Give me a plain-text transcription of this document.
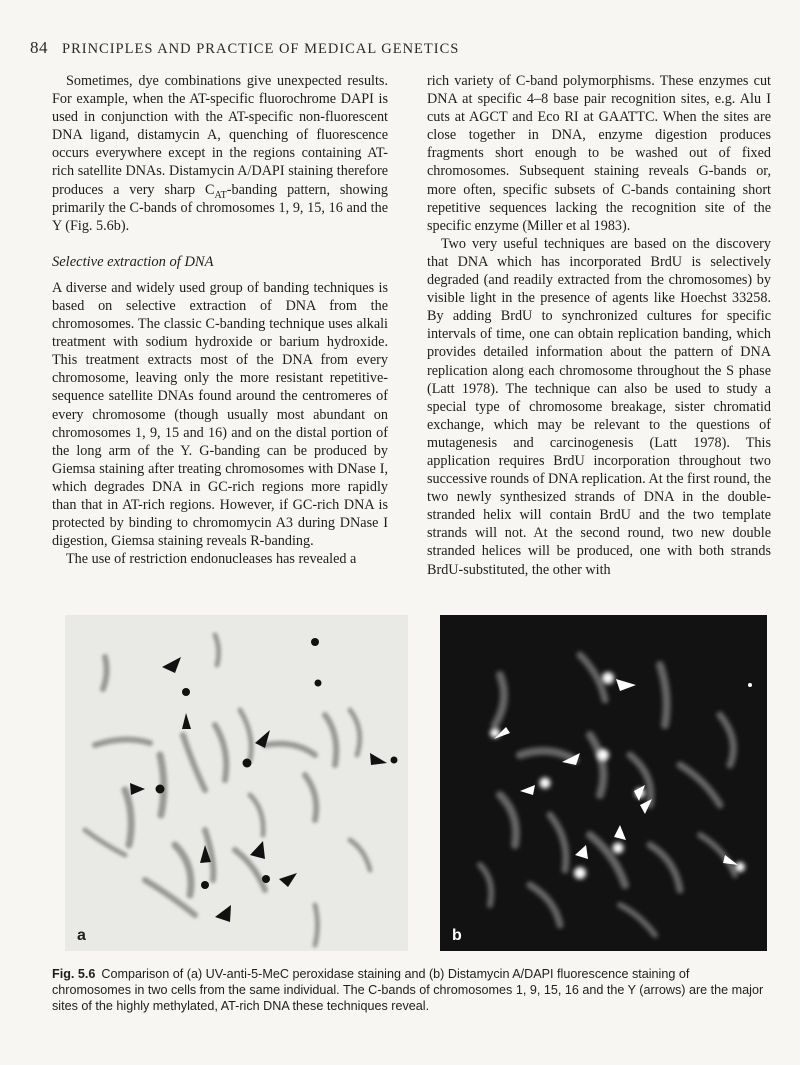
84 PRINCIPLES AND PRACTICE OF MEDICAL GENETICS

Sometimes, dye combinations give unexpected results. For example, when the AT-specific fluorochrome DAPI is used in conjunction with the AT-specific non-fluorescent DNA ligand, distamycin A, quenching of fluorescence occurs everywhere except in the regions containing AT-rich satellite DNAs. Distamycin A/DAPI staining therefore produces a very sharp $C_{AT}$-banding pattern, showing primarily the C-bands of chromosomes 1, 9, 15, 16 and the Y (Fig. 5.6b).

Selective extraction of DNA

A diverse and widely used group of banding techniques is based on selective extraction of DNA from the chromosomes. The classic C-banding technique uses alkali treatment with sodium hydroxide or barium hydroxide. This treatment extracts most of the DNA from every chromosome, leaving only the more resistant repetitive-sequence satellite DNAs found around the centromeres of every chromosome (though usually most abundant on chromosomes 1, 9, 15 and 16) and on the distal portion of the long arm of the Y. G-banding can be produced by Giemsa staining after treating chromosomes with DNase I, which degrades DNA in GC-rich regions more rapidly than that in AT-rich regions. However, if GC-rich DNA is protected by binding to chromomycin A3 during DNase I digestion, Giemsa staining reveals R-banding.

The use of restriction endonucleases has revealed a

rich variety of C-band polymorphisms. These enzymes cut DNA at specific 4–8 base pair recognition sites, e.g. Alu I cuts at AGCT and Eco RI at GAATTC. When the sites are close together in DNA, enzyme digestion produces fragments short enough to be washed out of fixed chromosomes. Subsequent staining reveals G-bands or, more often, specific subsets of C-bands containing short repetitive sequences lacking the recognition site of the specific enzyme (Miller et al 1983).

Two very useful techniques are based on the discovery that DNA which has incorporated BrdU is selectively degraded (and readily extracted from the chromosomes) by visible light in the presence of agents like Hoechst 33258. By adding BrdU to synchronized cultures for specific intervals of time, one can obtain replication banding, which provides detailed information about the pattern of DNA replication along each chromosome throughout the S phase (Latt 1978). The technique can also be used to study a special type of chromosome breakage, sister chromatid exchange, which may be relevant to the questions of mutagenesis and carcinogenesis (Latt 1978). This application requires BrdU incorporation throughout two successive rounds of DNA replication. At the first round, the two newly synthesized strands of DNA in the double-stranded helix will contain BrdU and the two template strands will not. At the second round, two new double stranded helices will be produced, one with both strands BrdU-substituted, the other with

a	b
Fig. 5.6 Comparison of (a) UV-anti-5-MeC peroxidase staining and (b) Distamycin A/DAPI fluorescence staining of chromosomes in two cells from the same individual. The C-bands of chromosomes 1, 9, 15, 16 and the Y (arrows) are the major sites of the highly methylated, AT-rich DNA these techniques reveal.
